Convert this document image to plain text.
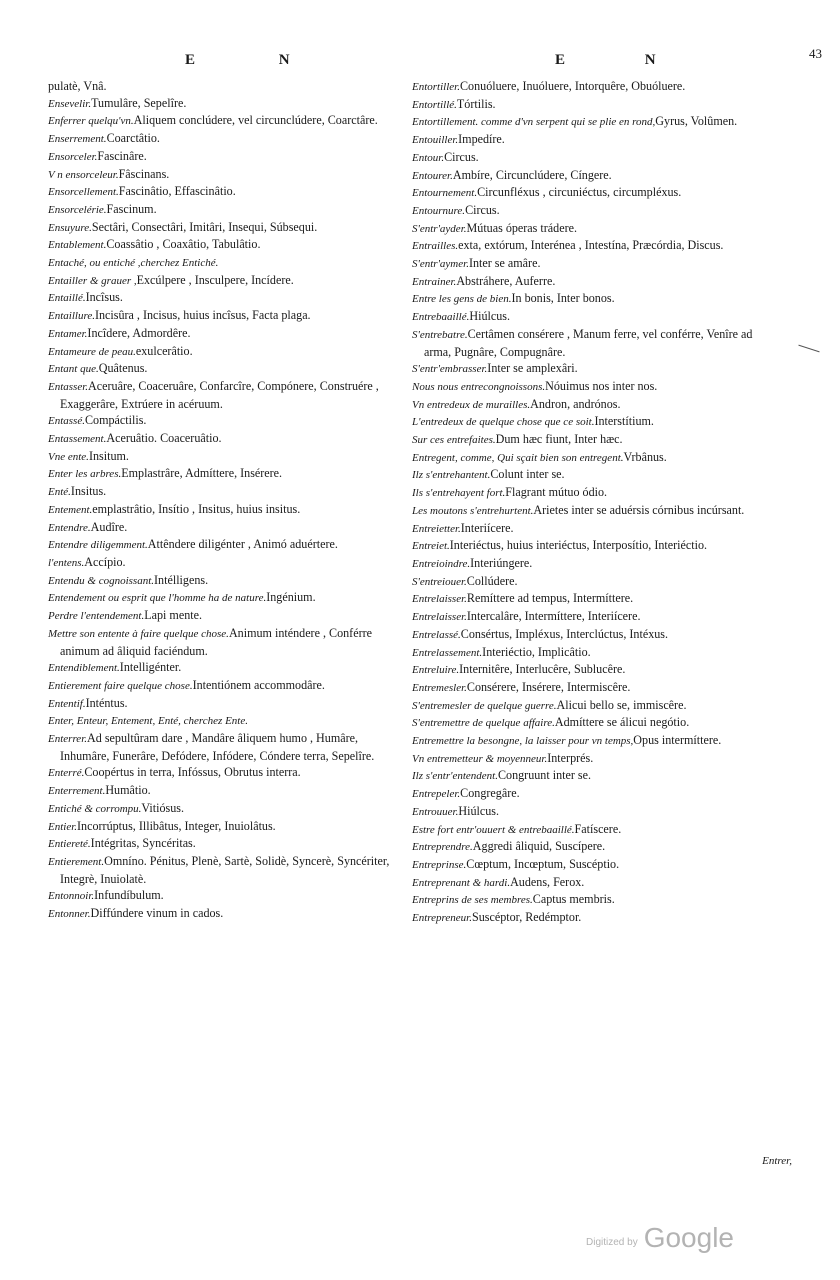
E N	E N	43

pulatè, Vnâ.

Ensevelir.Tumulâre, Sepelîre.

Enferrer quelqu'vn.Aliquem conclúdere, vel circunclúdere, Coarctâre.

Enserrement.Coarctâtio.

Ensorceler.Fascinâre.

V n ensorceleur.Fâscinans.

Ensorcellement.Fascinâtio, Effascinâtio.

Ensorcelérie.Fascinum.

Ensuyure.Sectâri, Consectâri, Imitâri, Insequi, Súbsequi.

Entablement.Coassâtio , Coaxâtio, Tabulâtio.

Entaché, ou entiché ,cherchez Entiché.

Entailler & grauer ,Excúlpere , Insculpere, Incídere.

Entaillé.Incîsus.

Entaillure.Incisûra , Incisus, huius incîsus, Facta plaga.

Entamer.Incîdere, Admordêre.

Entameure de peau.exulcerâtio.

Entant que.Quâtenus.

Entasser.Aceruâre, Coaceruâre, Confarcîre, Compónere, Construére , Exaggerâre, Extrúere in acéruum.

Entassé.Compáctilis.

Entassement.Aceruâtio. Coaceruâtio.

Vne ente.Insitum.

Enter les arbres.Emplastrâre, Admíttere, Insérere.

Enté.Insitus.

Entement.emplastrâtio, Insítio , Insitus, huius insitus.

Entendre.Audîre.

Entendre diligemment.Attêndere diligénter , Animó aduértere.

l'entens.Accípio.

Entendu & cognoissant.Intélligens.

Entendement ou esprit que l'homme ha de nature.Ingénium.

Perdre l'entendement.Lapi mente.

Mettre son entente à faire quelque chose.Animum inténdere , Conférre animum ad âliquid faciéndum.

Entendiblement.Intelligénter.

Entierement faire quelque chose.Intentiónem accommodâre.

Ententif.Inténtus.

Enter, Enteur, Entement, Enté, cherchez Ente.

Enterrer.Ad sepultûram dare , Mandâre âliquem humo , Humâre, Inhumâre, Funerâre, Defódere, Infódere, Cóndere terra, Sepelîre.

Enterré.Coopértus in terra, Infóssus, Obrutus interra.

Enterrement.Humâtio.

Entiché & corrompu.Vitiósus.

Entier.Incorrúptus, Illibâtus, Integer, Inuiolâtus.

Entiereté.Intégritas, Syncéritas.

Entierement.Omníno. Pénitus, Plenè, Sartè, Solidè, Syncerè, Syncériter, Integrè, Inuiolatè.

Entonnoir.Infundíbulum.

Entonner.Diffúndere vinum in cados.

Entortiller.Conuóluere, Inuóluere, Intorquêre, Obuóluere.

Entortillé.Tórtilis.

Entortillement. comme d'vn serpent qui se plie en rond,Gyrus, Volûmen.

Entouiller.Impedíre.

Entour.Circus.

Entourer.Ambíre, Circunclúdere, Cíngere.

Entournement.Circunfléxus , circuniéctus, circumpléxus.

Entournure.Circus.

S'entr'ayder.Mútuas óperas trádere.

Entrailles.exta, extórum, Interénea , Intestína, Præcórdia, Discus.

S'entr'aymer.Inter se amâre.

Entrainer.Abstráhere, Auferre.

Entre les gens de bien.In bonis, Inter bonos.

Entrebaaillé.Hiúlcus.

S'entrebatre.Certâmen consérere , Manum ferre, vel conférre, Venîre ad arma, Pugnâre, Compugnâre.

S'entr'embrasser.Inter se amplexâri.

Nous nous entrecongnoissons.Nóuimus nos inter nos.

Vn entredeux de murailles.Andron, andrónos.

L'entredeux de quelque chose que ce soit.Interstítium.

Sur ces entrefaites.Dum hæc fiunt, Inter hæc.

Entregent, comme, Qui sçait bien son entregent.Vrbânus.

Ilz s'entrehantent.Colunt inter se.

Ils s'entrehayent fort.Flagrant mútuo ódio.

Les moutons s'entrehurtent.Arietes inter se aduérsis córnibus incúrsant.

Entreietter.Interiícere.

Entreiet.Interiéctus, huius interiéctus, Interposítio, Interiéctio.

Entreioindre.Interiúngere.

S'entreiouer.Collúdere.

Entrelaisser.Remíttere ad tempus, Intermíttere.

Entrelaisser.Intercalâre, Intermíttere, Interiícere.

Entrelassé.Consértus, Impléxus, Interclúctus, Intéxus.

Entrelassement.Interiéctio, Implicâtio.

Entreluire.Internitêre, Interlucêre, Sublucêre.

Entremesler.Consérere, Insérere, Intermiscêre.

S'entremesler de quelque guerre.Alicui bello se, immiscêre.

S'entremettre de quelque affaire.Admíttere se álicui negótio.

Entremettre la besongne, la laisser pour vn temps,Opus intermíttere.

Vn entremetteur & moyenneur.Interprés.

Ilz s'entr'entendent.Congruunt inter se.

Entrepeler.Congregâre.

Entrouuer.Hiúlcus.

Estre fort entr'ouuert & entrebaaillé.Fatíscere.

Entreprendre.Aggredi âliquid, Suscípere.

Entreprinse.Cœptum, Incœptum, Suscéptio.

Entreprenant & hardi.Audens, Ferox.

Entreprins de ses membres.Captus membris.

Entrepreneur.Suscéptor, Redémptor.

Entrer,
Digitized by Google
